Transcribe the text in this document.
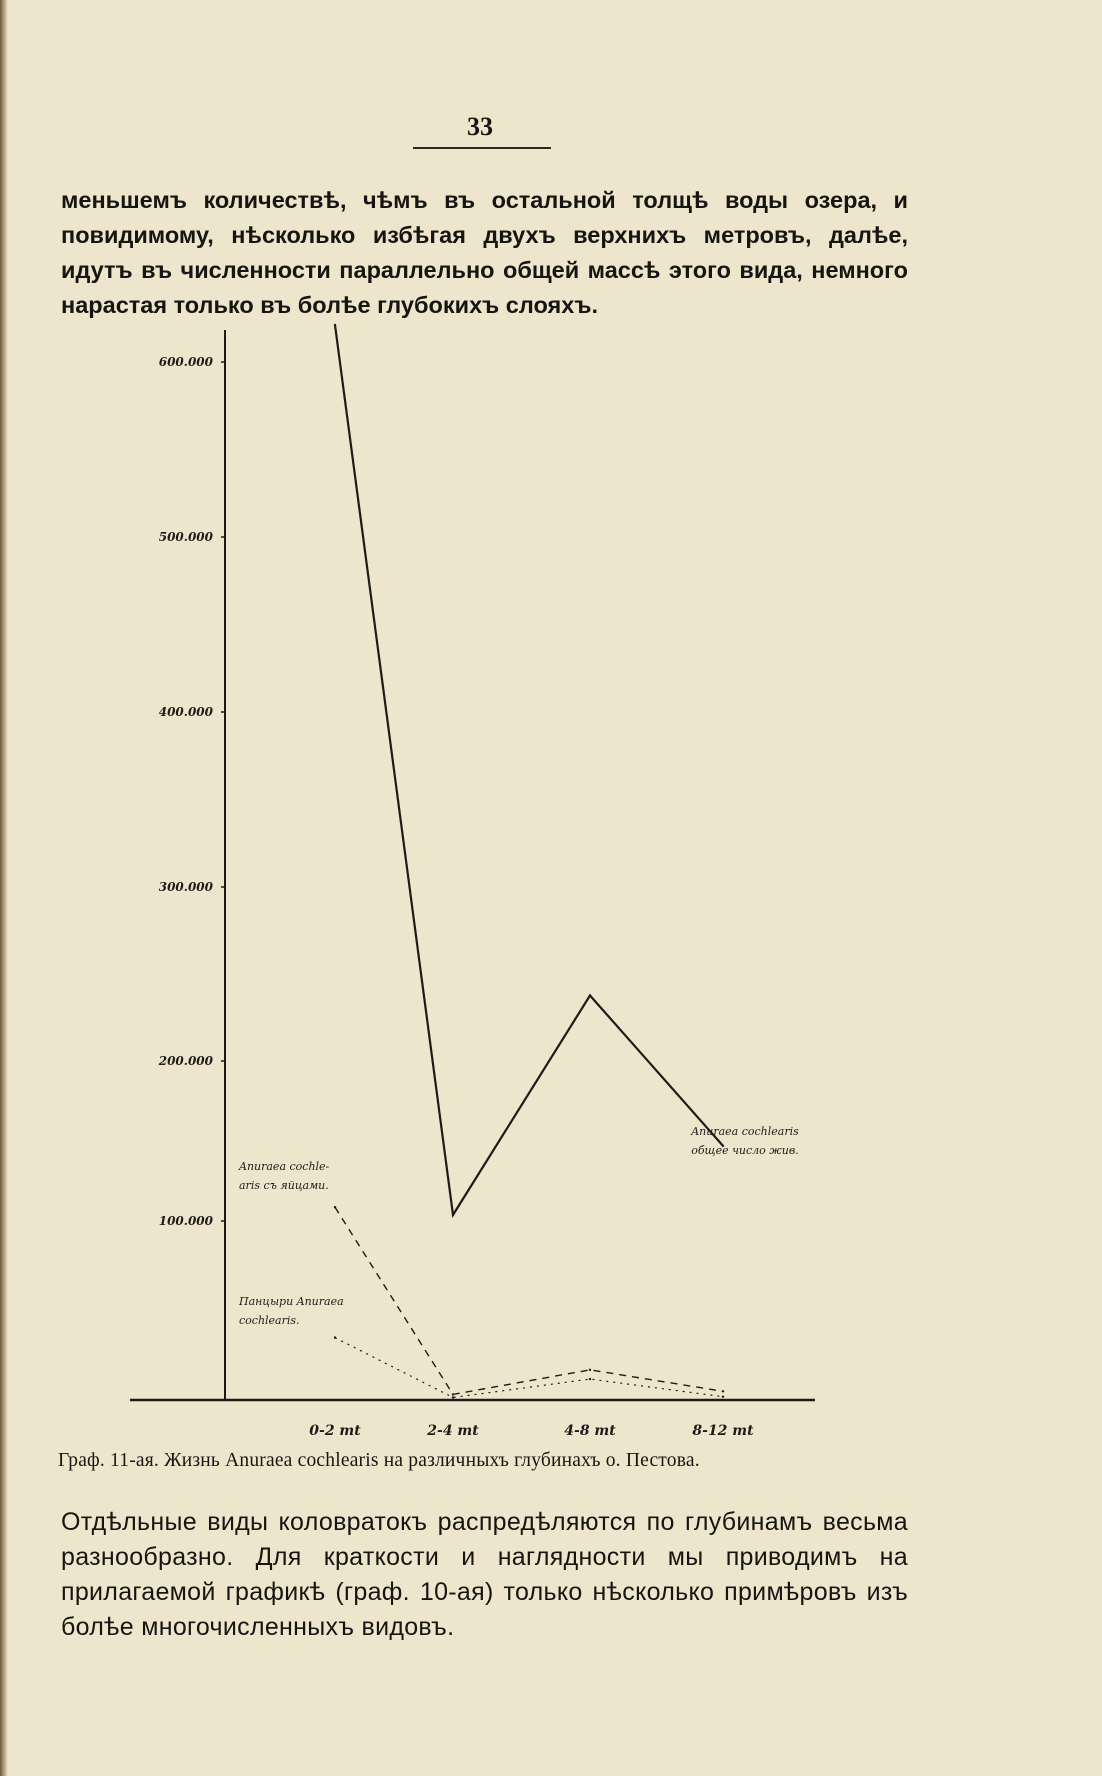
33
меньшемъ количествѣ, чѣмъ въ остальной толщѣ воды озера, и повидимому, нѣсколько избѣгая двухъ верхнихъ метровъ, далѣе, идутъ въ численности параллельно общей массѣ этого вида, немного нарастая только въ болѣе глубокихъ слояхъ.
600.000
500.000
400.000
300.000
200.000
100.000
0-2 mt	2-4 mt	4-8 mt	8-12 mt
Anuraea cochlearis
общее число жив.
Anuraea cochle-
aris съ яйцами.
Панцыри Anuraea
cochlearis.
Граф. 11-ая. Жизнь Anuraea cochlearis на различныхъ глубинахъ о. Пестова.
Отдѣльные виды коловратокъ распредѣляются по глубинамъ весьма разнообразно. Для краткости и наглядности мы приводимъ на прилагаемой графикѣ (граф. 10-ая) только нѣсколько примѣровъ изъ болѣе многочисленныхъ видовъ.
